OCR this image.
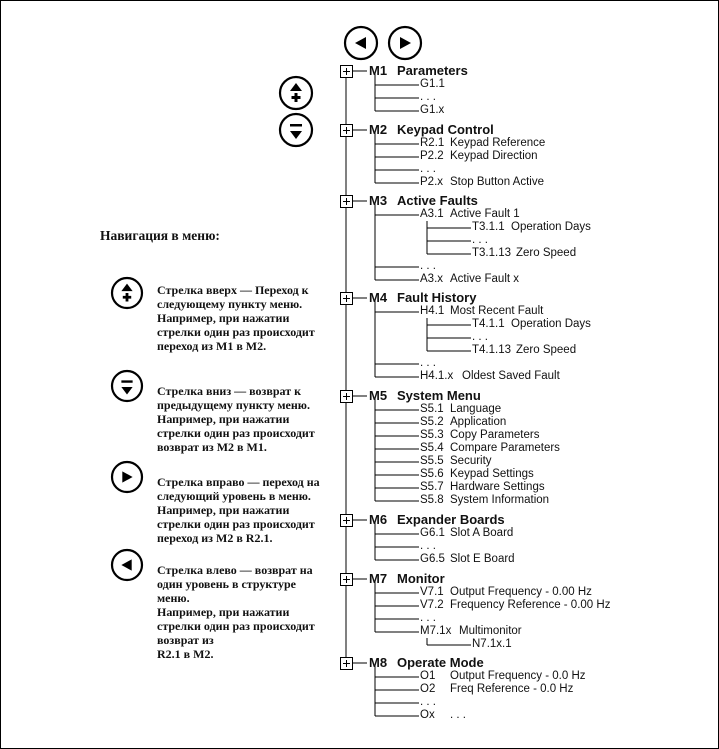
Стрелка вверх — Переход к
следующему пункту меню.
Например, при нажатии
стрелки один раз происходит
переход из M1 в M2.
Стрелка вниз — возврат к
предыдущему пункту меню.
Например, при нажатии
стрелки один раз происходит
возврат из M2 в M1.
Стрелка вправо — переход на
следующий уровень в меню.
Например, при нажатии
стрелки один раз происходит
переход из M2 в R2.1.
Стрелка влево — возврат на
один уровень в структуре
меню.
Например, при нажатии
стрелки один раз происходит
возврат из
R2.1 в M2.
M1 Parameters
G1.1
. . .
G1.x
M2 Keypad Control
R2.1 Keypad Reference
P2.2 Keypad Direction
. . .
P2.x Stop Button Active
M3 Active Faults
A3.1 Active Fault 1
T3.1.1 Operation Days
. . .
T3.1.13 Zero Speed
. . .
A3.x Active Fault x
M4 Fault History
H4.1 Most Recent Fault
T4.1.1 Operation Days
. . .
T4.1.13 Zero Speed
. . .
H4.1.x Oldest Saved Fault
M5 System Menu
S5.1 Language
S5.2 Application
S5.3 Copy Parameters
S5.4 Compare Parameters
S5.5 Security
S5.6 Keypad Settings
S5.7 Hardware Settings
S5.8 System Information
M6 Expander Boards
G6.1 Slot A Board
. . .
G6.5 Slot E Board
M7 Monitor
V7.1 Output Frequency - 0.00 Hz
V7.2 Frequency Reference - 0.00 Hz
. . .
M7.1x Multimonitor
N7.1x.1
M8 Operate Mode
O1 Output Frequency - 0.0 Hz
O2 Freq Reference - 0.0 Hz
. . .
Ox . . .
Навигация в меню:
